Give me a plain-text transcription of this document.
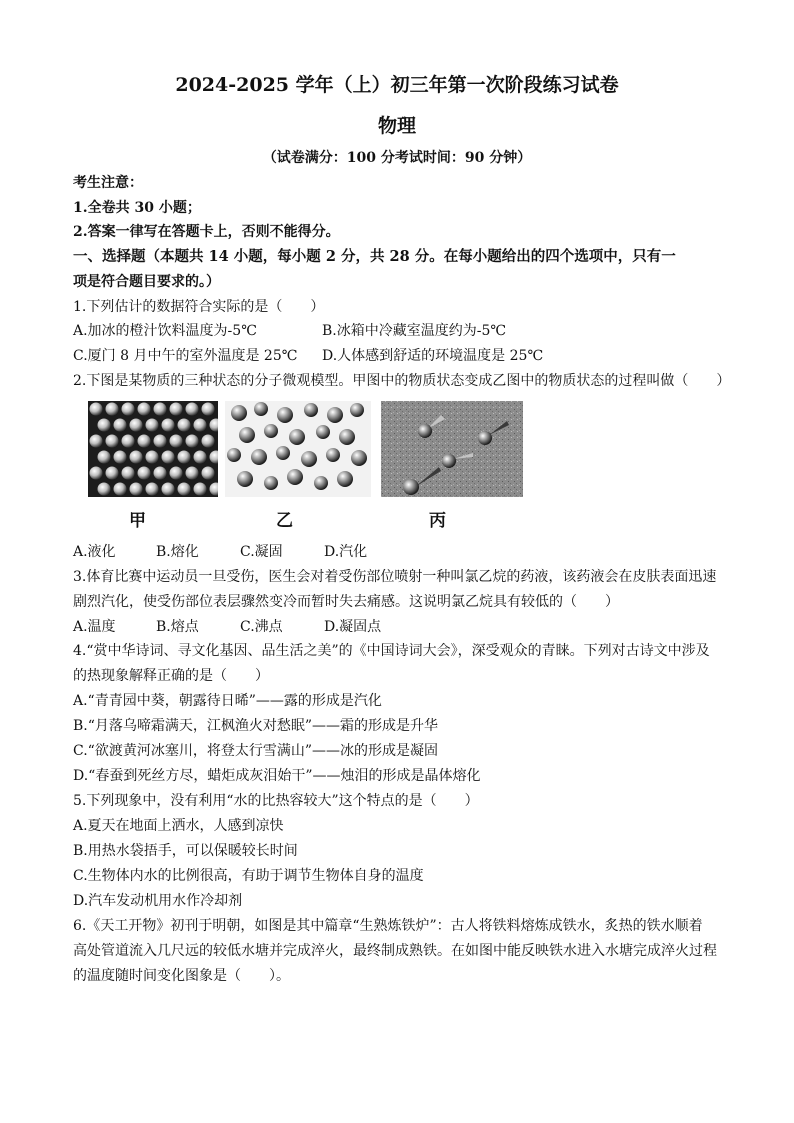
2024-2025 学年（上）初三年第一次阶段练习试卷
物理
（试卷满分：100 分考试时间：90 分钟）
考生注意：
1.全卷共 30 小题；
2.答案一律写在答题卡上，否则不能得分。
一、选择题（本题共 14 小题，每小题 2 分，共 28 分。在每小题给出的四个选项中，只有一
项是符合题目要求的。）
1.下列估计的数据符合实际的是（　　）
A.加冰的橙汁饮料温度为-5℃	B.冰箱中冷藏室温度约为-5℃
C.厦门 8 月中午的室外温度是 25℃ D.人体感到舒适的环境温度是 25℃
2.下图是某物质的三种状态的分子微观模型。甲图中的物质状态变成乙图中的物质状态的过程叫做（　　）
甲	乙	丙
A.液化	B.熔化	C.凝固	D.汽化
3.体育比赛中运动员一旦受伤，医生会对着受伤部位喷射一种叫氯乙烷的药液，该药液会在皮肤表面迅速
剧烈汽化，使受伤部位表层骤然变冷而暂时失去痛感。这说明氯乙烷具有较低的（　　）
A.温度	B.熔点	C.沸点	D.凝固点
4.“赏中华诗词、寻文化基因、品生活之美”的《中国诗词大会》，深受观众的青睐。下列对古诗文中涉及
的热现象解释正确的是（　　）
A.“青青园中葵，朝露待日晞”——露的形成是汽化
B.“月落乌啼霜满天，江枫渔火对愁眠”——霜的形成是升华
C.“欲渡黄河冰塞川，将登太行雪满山”——冰的形成是凝固
D.“春蚕到死丝方尽，蜡炬成灰泪始干”——烛泪的形成是晶体熔化
5.下列现象中，没有利用“水的比热容较大”这个特点的是（　　）
A.夏天在地面上洒水，人感到凉快
B.用热水袋捂手，可以保暖较长时间
C.生物体内水的比例很高，有助于调节生物体自身的温度
D.汽车发动机用水作冷却剂
6.《天工开物》初刊于明朝，如图是其中篇章“生熟炼铁炉”：古人将铁料熔炼成铁水，炙热的铁水顺着
高处管道流入几尺远的较低水塘并完成淬火，最终制成熟铁。在如图中能反映铁水进入水塘完成淬火过程
的温度随时间变化图象是（　　）。
